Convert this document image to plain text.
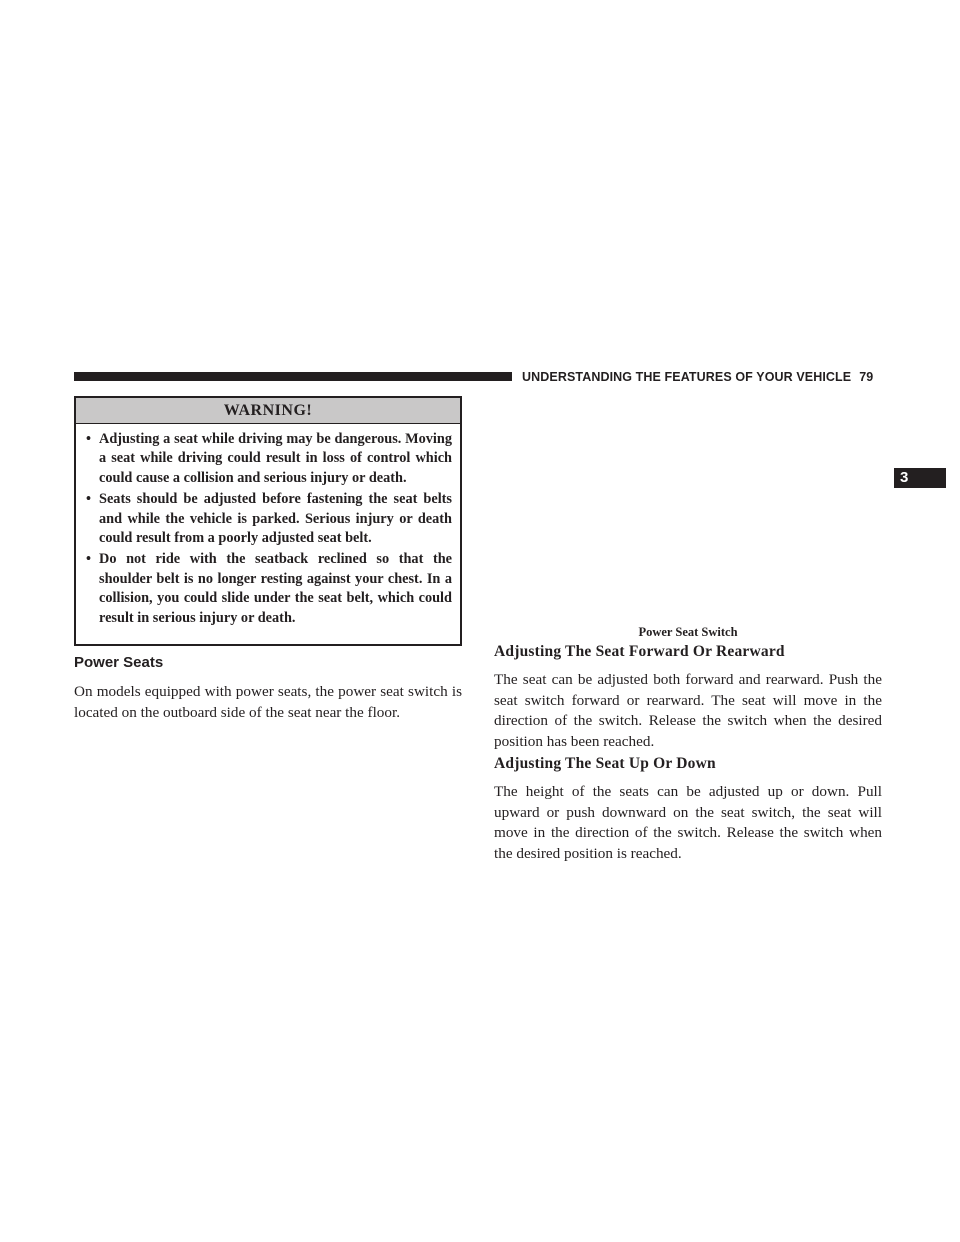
UNDERSTANDING THE FEATURES OF YOUR VEHICLE 79
3
WARNING!
• Adjusting a seat while driving may be dangerous. Moving a seat while driving could result in loss of control which could cause a collision and serious injury or death.
• Seats should be adjusted before fastening the seat belts and while the vehicle is parked. Serious injury or death could result from a poorly adjusted seat belt.
• Do not ride with the seatback reclined so that the shoulder belt is no longer resting against your chest. In a collision, you could slide under the seat belt, which could result in serious injury or death.
Power Seats

On models equipped with power seats, the power seat switch is located on the outboard side of the seat near the floor.

Power Seat Switch

Adjusting The Seat Forward Or Rearward

The seat can be adjusted both forward and rearward. Push the seat switch forward or rearward. The seat will move in the direction of the switch. Release the switch when the desired position has been reached.

Adjusting The Seat Up Or Down

The height of the seats can be adjusted up or down. Pull upward or push downward on the seat switch, the seat will move in the direction of the switch. Release the switch when the desired position is reached.
